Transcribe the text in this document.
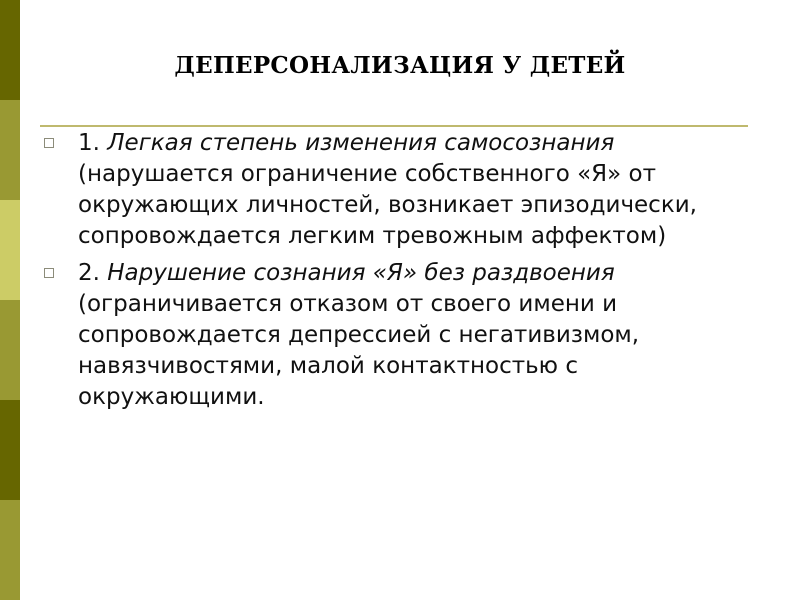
ДЕПЕРСОНАЛИЗАЦИЯ У ДЕТЕЙ

1. Легкая степень изменения самосознания (нарушается ограничение собственного «Я» от окружающих личностей, возникает эпизодически, сопровождается легким тревожным аффектом)

2. Нарушение сознания «Я» без раздвоения (ограничивается отказом от своего имени и сопровождается депрессией с негативизмом, навязчивостями, малой контактностью с окружающими.
